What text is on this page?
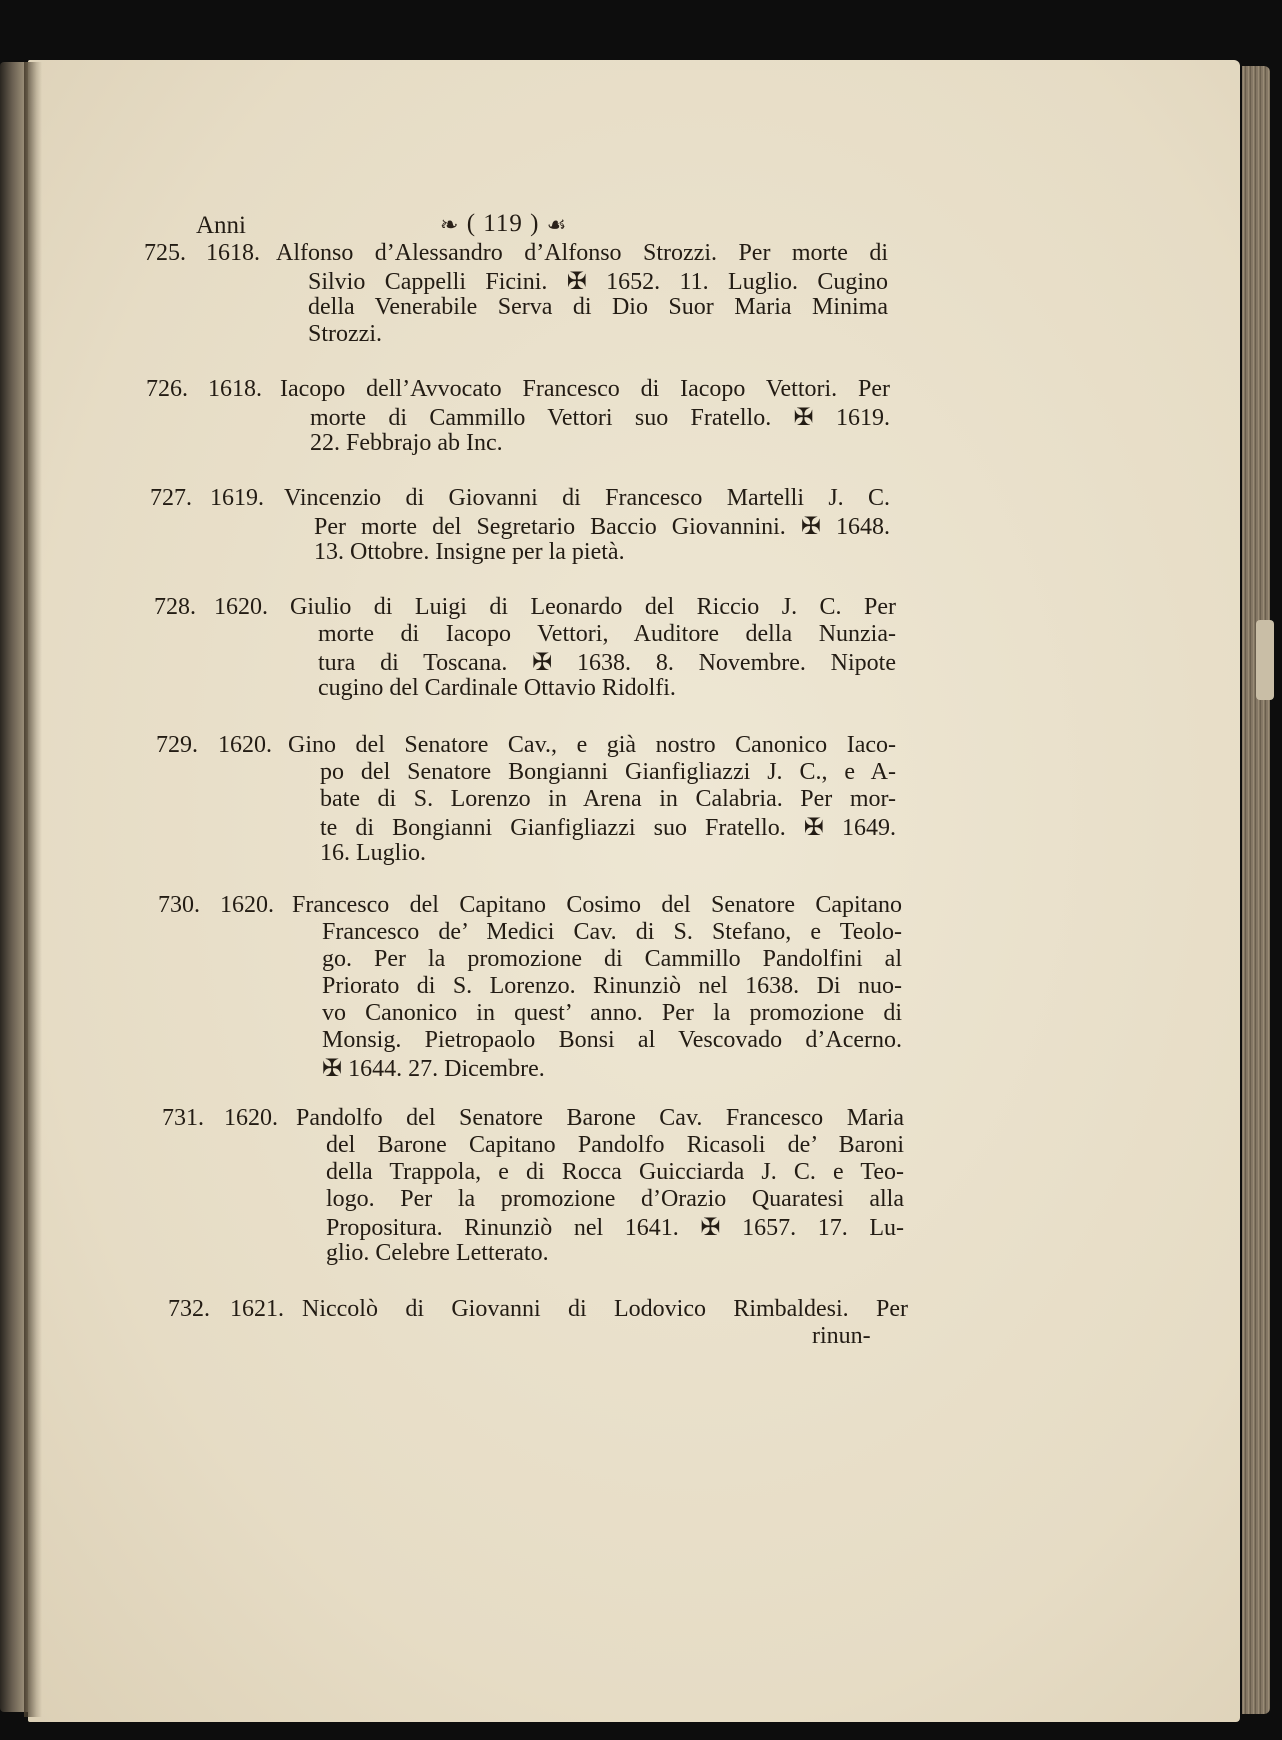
Anni	❧ ( 119 ) ☙
725. 1618. Alfonso d’Alessandro d’Alfonso Strozzi. Per morte di
Silvio Cappelli Ficini. ✠ 1652. 11. Luglio. Cugino
della Venerabile Serva di Dio Suor Maria Minima
Strozzi.
726. 1618. Iacopo dell’Avvocato Francesco di Iacopo Vettori. Per
morte di Cammillo Vettori suo Fratello. ✠ 1619.
22. Febbrajo ab Inc.
727. 1619. Vincenzio di Giovanni di Francesco Martelli J. C.
Per morte del Segretario Baccio Giovannini. ✠ 1648.
13. Ottobre. Insigne per la pietà.
728. 1620. Giulio di Luigi di Leonardo del Riccio J. C. Per
morte di Iacopo Vettori, Auditore della Nunzia-
tura di Toscana. ✠ 1638. 8. Novembre. Nipote
cugino del Cardinale Ottavio Ridolfi.
729. 1620. Gino del Senatore Cav., e già nostro Canonico Iaco-
po del Senatore Bongianni Gianfigliazzi J. C., e A-
bate di S. Lorenzo in Arena in Calabria. Per mor-
te di Bongianni Gianfigliazzi suo Fratello. ✠ 1649.
16. Luglio.
730. 1620. Francesco del Capitano Cosimo del Senatore Capitano
Francesco de’ Medici Cav. di S. Stefano, e Teolo-
go. Per la promozione di Cammillo Pandolfini al
Priorato di S. Lorenzo. Rinunziò nel 1638. Di nuo-
vo Canonico in quest’ anno. Per la promozione di
Monsig. Pietropaolo Bonsi al Vescovado d’Acerno.
✠ 1644. 27. Dicembre.
731. 1620. Pandolfo del Senatore Barone Cav. Francesco Maria
del Barone Capitano Pandolfo Ricasoli de’ Baroni
della Trappola, e di Rocca Guicciarda J. C. e Teo-
logo. Per la promozione d’Orazio Quaratesi alla
Propositura. Rinunziò nel 1641. ✠ 1657. 17. Lu-
glio. Celebre Letterato.
732. 1621. Niccolò di Giovanni di Lodovico Rimbaldesi. Per
rinun-
